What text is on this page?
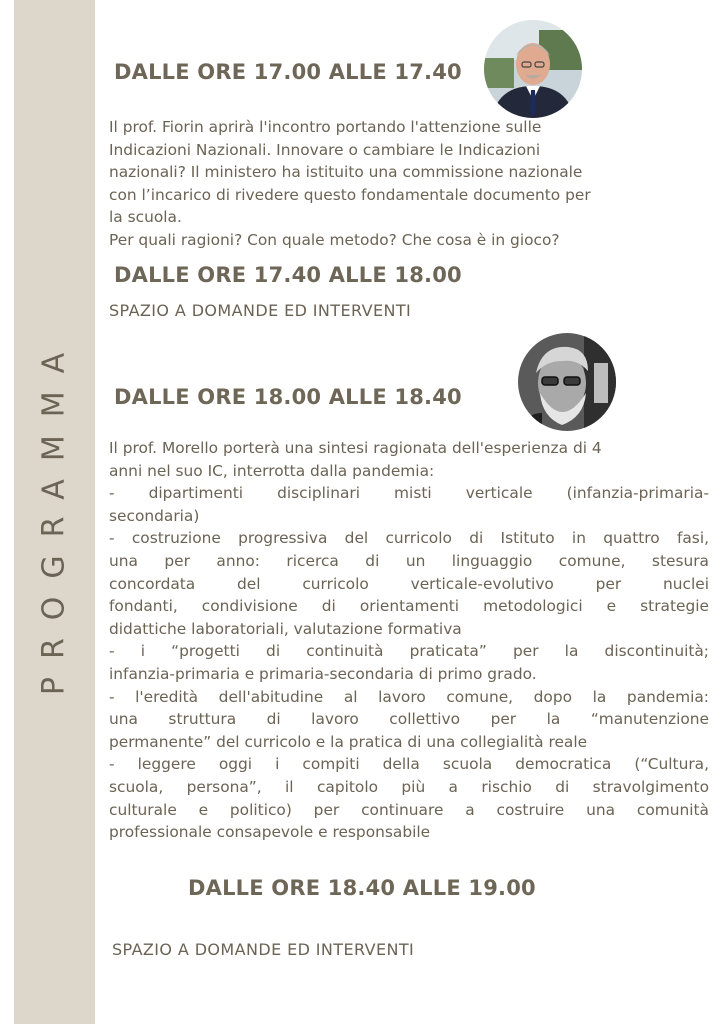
PROGRAMMA
DALLE ORE 17.00 ALLE 17.40
Il prof. Fiorin aprirà l'incontro portando l'attenzione sulle
Indicazioni Nazionali. Innovare o cambiare le Indicazioni
nazionali? Il ministero ha istituito una commissione nazionale
con l’incarico di rivedere questo fondamentale documento per
la scuola.
Per quali ragioni? Con quale metodo? Che cosa è in gioco?
DALLE ORE 17.40 ALLE 18.00
SPAZIO A DOMANDE ED INTERVENTI
DALLE ORE 18.00 ALLE 18.40
Il prof. Morello porterà una sintesi ragionata dell'esperienza di 4
anni nel suo IC, interrotta dalla pandemia:
- dipartimenti disciplinari misti verticale (infanzia-primaria-
secondaria)
- costruzione progressiva del curricolo di Istituto in quattro fasi,
una per anno: ricerca di un linguaggio comune, stesura
concordata del curricolo verticale-evolutivo per nuclei
fondanti, condivisione di orientamenti metodologici e strategie
didattiche laboratoriali, valutazione formativa
- i “progetti di continuità praticata” per la discontinuità;
infanzia-primaria e primaria-secondaria di primo grado.
- l'eredità dell'abitudine al lavoro comune, dopo la pandemia:
una struttura di lavoro collettivo per la “manutenzione
permanente” del curricolo e la pratica di una collegialità reale
- leggere oggi i compiti della scuola democratica (“Cultura,
scuola, persona”, il capitolo più a rischio di stravolgimento
culturale e politico) per continuare a costruire una comunità
professionale consapevole e responsabile
DALLE ORE 18.40 ALLE 19.00
SPAZIO A DOMANDE ED INTERVENTI
